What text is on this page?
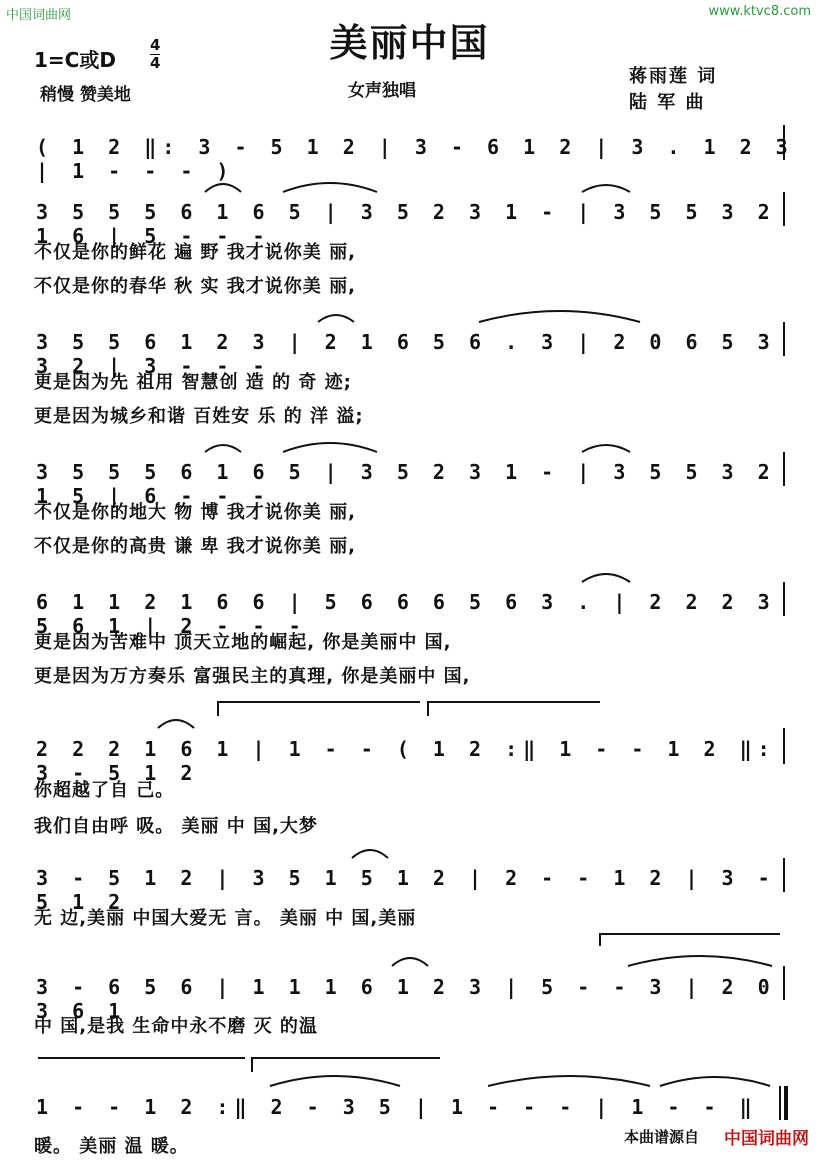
中国词曲网	www.ktvc8.com
美丽中国
1=C或D
4
4
稍慢 赞美地	女声独唱
蒋雨莲 词
陆 军 曲
( 1 2 ‖: 3 - 5 1 2 | 3 - 6 1 2 | 3 . 1 2 3 | 1 - - - )
3 5 5 5 6 1 6 5 | 3 5 2 3 1 - | 3 5 5 3 2 1 6 | 5 - - -
不仅是你的鲜花 遍 野 我才说你美 丽,
不仅是你的春华 秋 实 我才说你美 丽,
3 5 5 6 1 2 3 | 2 1 6 5 6 . 3 | 2 0 6 5 3 3 2 | 3 - - -
更是因为先 祖用 智慧创 造 的 奇 迹;
更是因为城乡和谐 百姓安 乐 的 洋 溢;
3 5 5 5 6 1 6 5 | 3 5 2 3 1 - | 3 5 5 3 2 1 5 | 6 - - -
不仅是你的地大 物 博 我才说你美 丽,
不仅是你的高贵 谦 卑 我才说你美 丽,
6 1 1 2 1 6 6 | 5 6 6 6 5 6 3 . | 2 2 2 3 5 6 1 | 2 - - -
更是因为苦难中 顶天立地的崛起, 你是美丽中 国,
更是因为万方奏乐 富强民主的真理, 你是美丽中 国,
2 2 2 1 6 1 | 1 - - ( 1 2 :‖ 1 - - 1 2 ‖: 3 - 5 1 2
你超越了自 己。
我们自由呼 吸。 美丽 中 国,大梦
3 - 5 1 2 | 3 5 1 5 1 2 | 2 - - 1 2 | 3 - 5 1 2
无 边,美丽 中国大爱无 言。 美丽 中 国,美丽
3 - 6 5 6 | 1 1 1 6 1 2 3 | 5 - - 3 | 2 0 3 6 1
中 国,是我 生命中永不磨 灭 的温
1 - - 1 2 :‖ 2 - 3 5 | 1 - - - | 1 - - ‖
暖。 美丽 温 暖。	本曲谱源自 中国词曲网
